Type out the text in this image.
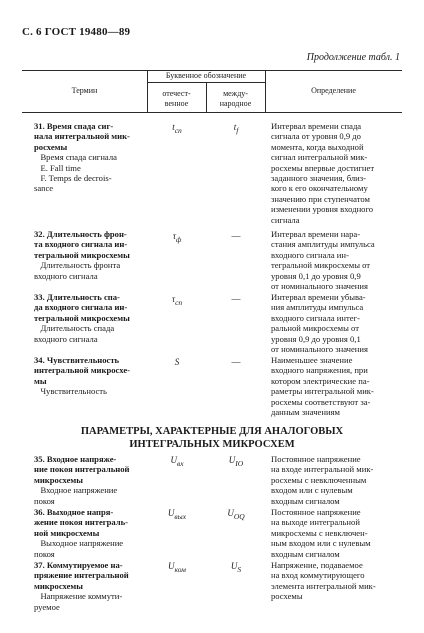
С. 6 ГОСТ 19480—89
Продолжение табл. 1
Термин
Буквенное обозначение
отечест-
венное
между-
народное
Определение
31. Время спада сиг-
нала интегральной мик-
росхемы
Время спада сигнала
E. Fall time
F. Temps de decrois-
sance
$t_{сп}$	$t_f$	Интервал времени спада
сигнала от уровня 0,9 до
момента, когда выходной
сигнал интегральной мик-
росхемы впервые достигнет
заданного значения, близ-
кого к его окончательному
значению при ступенчатом
изменении уровня входного
сигнала
32. Длительность фрон-
та входного сигнала ин-
тегральной микросхемы
Длительность фронта
входного сигнала
$\tau_ф$	—	Интервал времени нара-
стания амплитуды импульса
входного сигнала ин-
тегральной микросхемы от
уровня 0,1 до уровня 0,9
от номинального значения
33. Длительность спа-
да входного сигнала ин-
тегральной микросхемы
Длительность спада
входного сигнала
$\tau_{сп}$	—	Интервал времени убыва-
ния амплитуды импульса
входного сигнала интег-
ральной микросхемы от
уровня 0,9 до уровня 0,1
от номинального значения
34. Чувствительность
интегральной микросхе-
мы
Чувствительность
S	—	Наименьшее значение
входного напряжения, при
котором электрические па-
раметры интегральной мик-
росхемы соответствуют за-
данным значениям
ПАРАМЕТРЫ, ХАРАКТЕРНЫЕ ДЛЯ АНАЛОГОВЫХ
ИНТЕГРАЛЬНЫХ МИКРОСХЕМ
35. Входное напряже-
ние покоя интегральной
микросхемы
Входное напряжение
покоя
$U_{вх}$	$U_{IO}$	Постоянное напряжение
на входе интегральной мик-
росхемы с невключенным
входом или с нулевым
входным сигналом
36. Выходное напря-
жение покоя интеграль-
ной микросхемы
Выходное напряжение
покоя
$U_{вых}$	$U_{OQ}$	Постоянное напряжение
на выходе интегральной
микросхемы с невключен-
ным входом или с нулевым
входным сигналом
37. Коммутируемое на-
пряжение интегральной
микросхемы
Напряжение коммути-
руемое
$U_{ком}$	$U_S$	Напряжение, подаваемое
на вход коммутирующего
элемента интегральной мик-
росхемы
